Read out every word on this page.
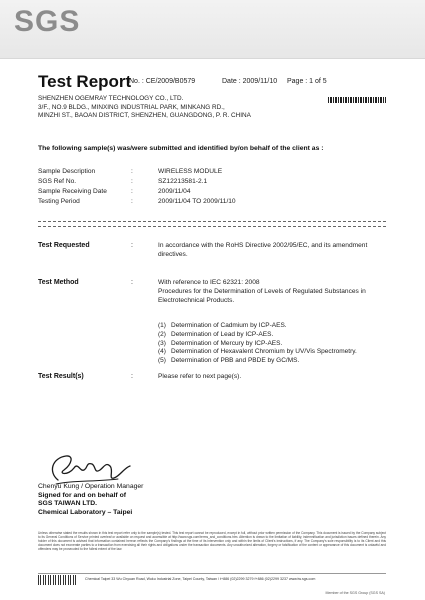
SGS
Test Report
No. : CE/2009/B0579	Date : 2009/11/10 Page : 1 of 5
SHENZHEN OGEMRAY TECHNOLOGY CO., LTD.
3/F., NO.9 BLDG., MINXING INDUSTRIAL PARK, MINKANG RD.,
MINZHI ST., BAOAN DISTRICT, SHENZHEN, GUANGDONG, P. R. CHINA
The following sample(s) was/were submitted and identified by/on behalf of the client as :
Sample Description	:	WIRELESS MODULE
SGS Ref No.	:	SZ12213581-2.1
Sample Receiving Date	:	2009/11/04
Testing Period	:	2009/11/04 TO 2009/11/10
Test Requested	:	In accordance with the RoHS Directive 2002/95/EC, and its amendment directives.
Test Method	:	With reference to IEC 62321: 2008
Procedures for the Determination of Levels of Regulated Substances in Electrotechnical Products.
(1) Determination of Cadmium by ICP-AES.
(2) Determination of Lead by ICP-AES.
(3) Determination of Mercury by ICP-AES.
(4) Determination of Hexavalent Chromium by UV/Vis Spectrometry.
(5) Determination of PBB and PBDE by GC/MS.
Test Result(s)	:	Please refer to next page(s).
Chenyu Kung / Operation Manager
Signed for and on behalf of
SGS TAIWAN LTD.
Chemical Laboratory – Taipei
Unless otherwise stated the results shown in this test report refer only to the sample(s) tested. This test report cannot be reproduced, except in full, without prior written permission of the Company. This document is issued by the Company subject to its General Conditions of Service printed overleaf or available on request and accessible at http://www.sgs.com/terms_and_conditions.htm. Attention is drawn to the limitation of liability, indemnification and jurisdiction issues defined therein. Any holder of this document is advised that information contained hereon reflects the Company's findings at the time of its intervention only and within the limits of Client's instructions, if any. The Company's sole responsibility is to its Client and this document does not exonerate parties to a transaction from exercising all their rights and obligations under the transaction documents. Any unauthorized alteration, forgery or falsification of the content or appearance of this document is unlawful and offenders may be prosecuted to the fullest extent of the law.
Chemical Taipei 33 Wu Chyuan Road, Wuku Industrial Zone, Taipei County, Taiwan / t+886 (02)2299 3279 f+886 (02)2299 3237 www.tw.sgs.com
Member of the SGS Group (SGS SA)
